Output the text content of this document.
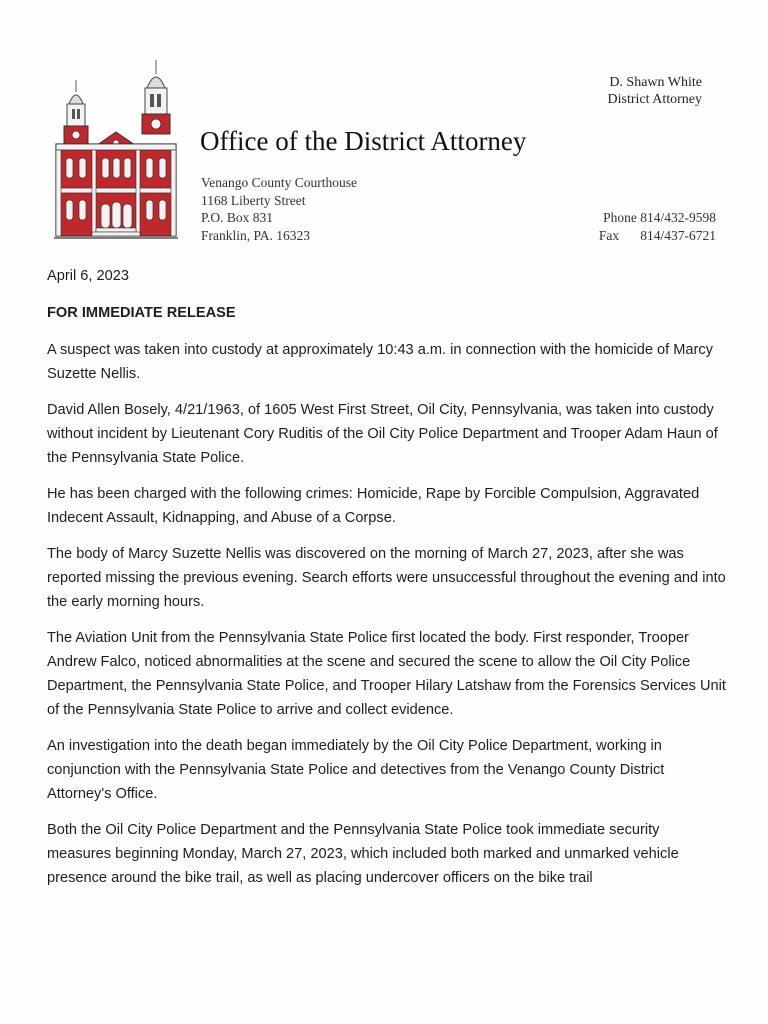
D. Shawn White
District Attorney
Office of the District Attorney
Venango County Courthouse
1168 Liberty Street
P.O. Box 831
Franklin, PA. 16323
Phone 814/432-9598
Fax 814/437-6721

April 6, 2023

FOR IMMEDIATE RELEASE

A suspect was taken into custody at approximately 10:43 a.m. in connection with the homicide of Marcy Suzette Nellis.

David Allen Bosely, 4/21/1963, of 1605 West First Street, Oil City, Pennsylvania, was taken into custody without incident by Lieutenant Cory Ruditis of the Oil City Police Department and Trooper Adam Haun of the Pennsylvania State Police.

He has been charged with the following crimes: Homicide, Rape by Forcible Compulsion, Aggravated Indecent Assault, Kidnapping, and Abuse of a Corpse.

The body of Marcy Suzette Nellis was discovered on the morning of March 27, 2023, after she was reported missing the previous evening. Search efforts were unsuccessful throughout the evening and into the early morning hours.

The Aviation Unit from the Pennsylvania State Police first located the body. First responder, Trooper Andrew Falco, noticed abnormalities at the scene and secured the scene to allow the Oil City Police Department, the Pennsylvania State Police, and Trooper Hilary Latshaw from the Forensics Services Unit of the Pennsylvania State Police to arrive and collect evidence.

An investigation into the death began immediately by the Oil City Police Department, working in conjunction with the Pennsylvania State Police and detectives from the Venango County District Attorney's Office.

Both the Oil City Police Department and the Pennsylvania State Police took immediate security measures beginning Monday, March 27, 2023, which included both marked and unmarked vehicle presence around the bike trail, as well as placing undercover officers on the bike trail
